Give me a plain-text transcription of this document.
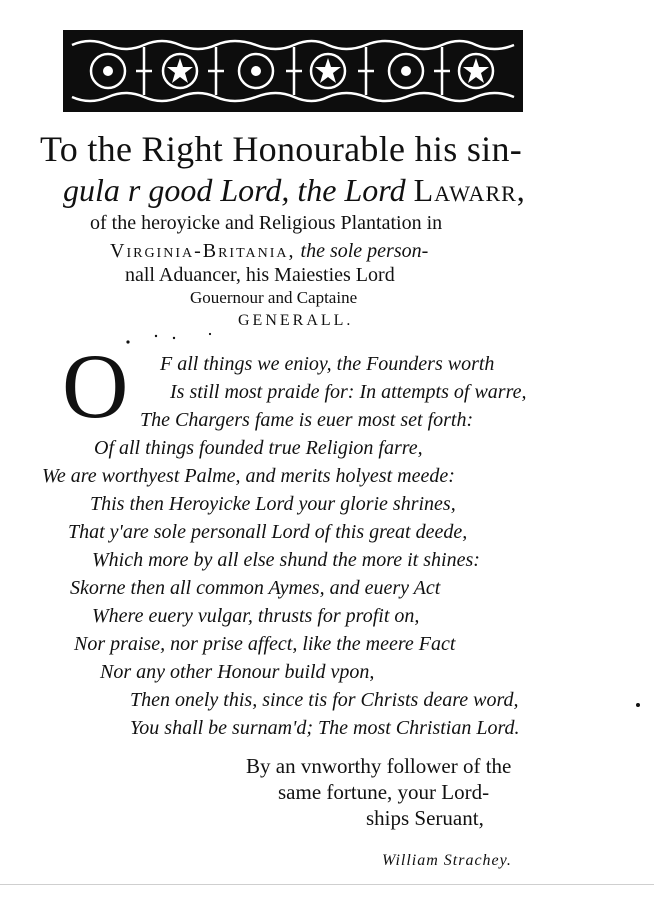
To the Right Honourable his sin-
gula r good Lord, the Lord Lawarr,
of the heroyicke and Religious Plantation in
Virginia-Britania, the sole person-
nall Aduancer, his Maiesties Lord
Gouernour and Captaine
GENERALL.
O F all things we enioy, the Founders worth
Is still most praide for: In attempts of warre,
The Chargers fame is euer most set forth:
Of all things founded true Religion farre,
We are worthyest Palme, and merits holyest meede:
This then Heroyicke Lord your glorie shrines,
That y'are sole personall Lord of this great deede,
Which more by all else shund the more it shines:
Skorne then all common Aymes, and euery Act
Where euery vulgar, thrusts for profit on,
Nor praise, nor prise affect, like the meere Fact
Nor any other Honour build vpon,
Then onely this, since tis for Christs deare word,
You shall be surnam'd; The most Christian Lord.
By an vnworthy follower of the
same fortune, your Lord-
ships Seruant,
William Strachey.
